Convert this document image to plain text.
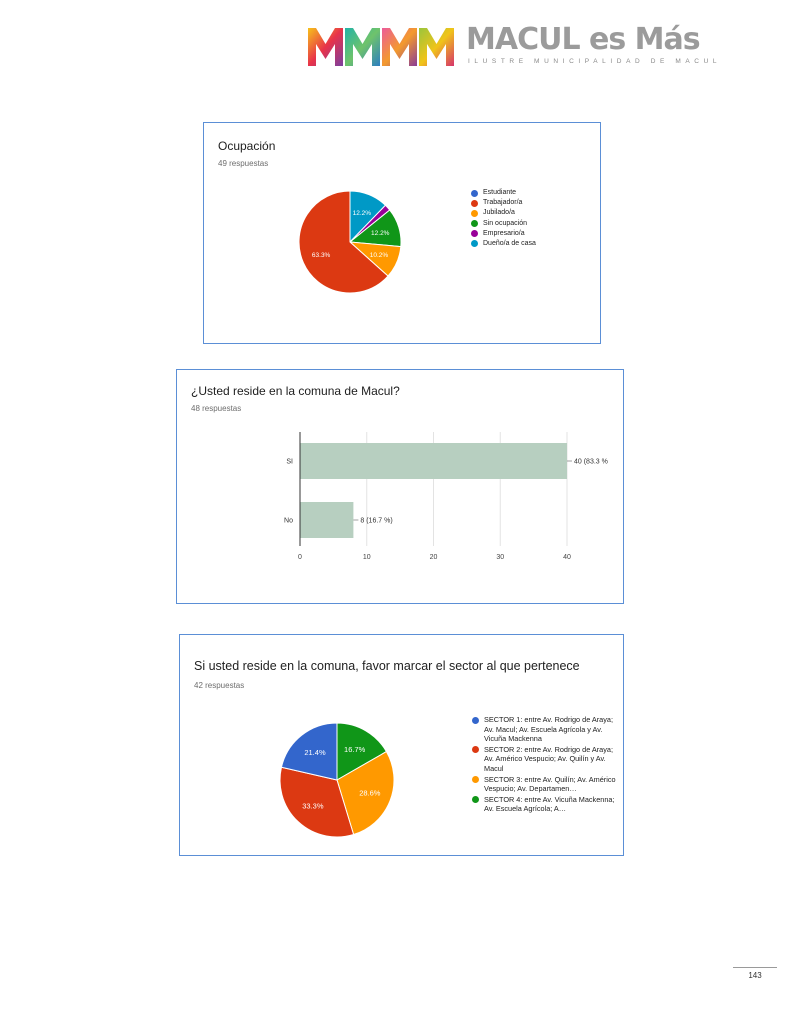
MACUL es Más
ILUSTRE MUNICIPALIDAD DE MACUL
Ocupación
49 respuestas
12.2%
12.2%
10.2%
63.3%
Estudiante
Trabajador/a
Jubilado/a
Sin ocupación
Empresario/a
Dueño/a de casa
¿Usted reside en la comuna de Macul?
48 respuestas
0	10	20	30	40
SI	40 (83.3 %
No	8 (16.7 %)
Si usted reside en la comuna, favor marcar el sector al que pertenece
42 respuestas
16.7%
28.6%
33.3%
21.4%
SECTOR 1: entre Av. Rodrigo de Araya; Av. Macul; Av. Escuela Agrícola y Av. Vicuña Mackenna
SECTOR 2: entre Av. Rodrigo de Araya; Av. Américo Vespucio; Av. Quilín y Av. Macul
SECTOR 3: entre Av. Quilín; Av. Américo Vespucio; Av. Departamen…
SECTOR 4: entre Av. Vicuña Mackenna; Av. Escuela Agrícola; A…
143
